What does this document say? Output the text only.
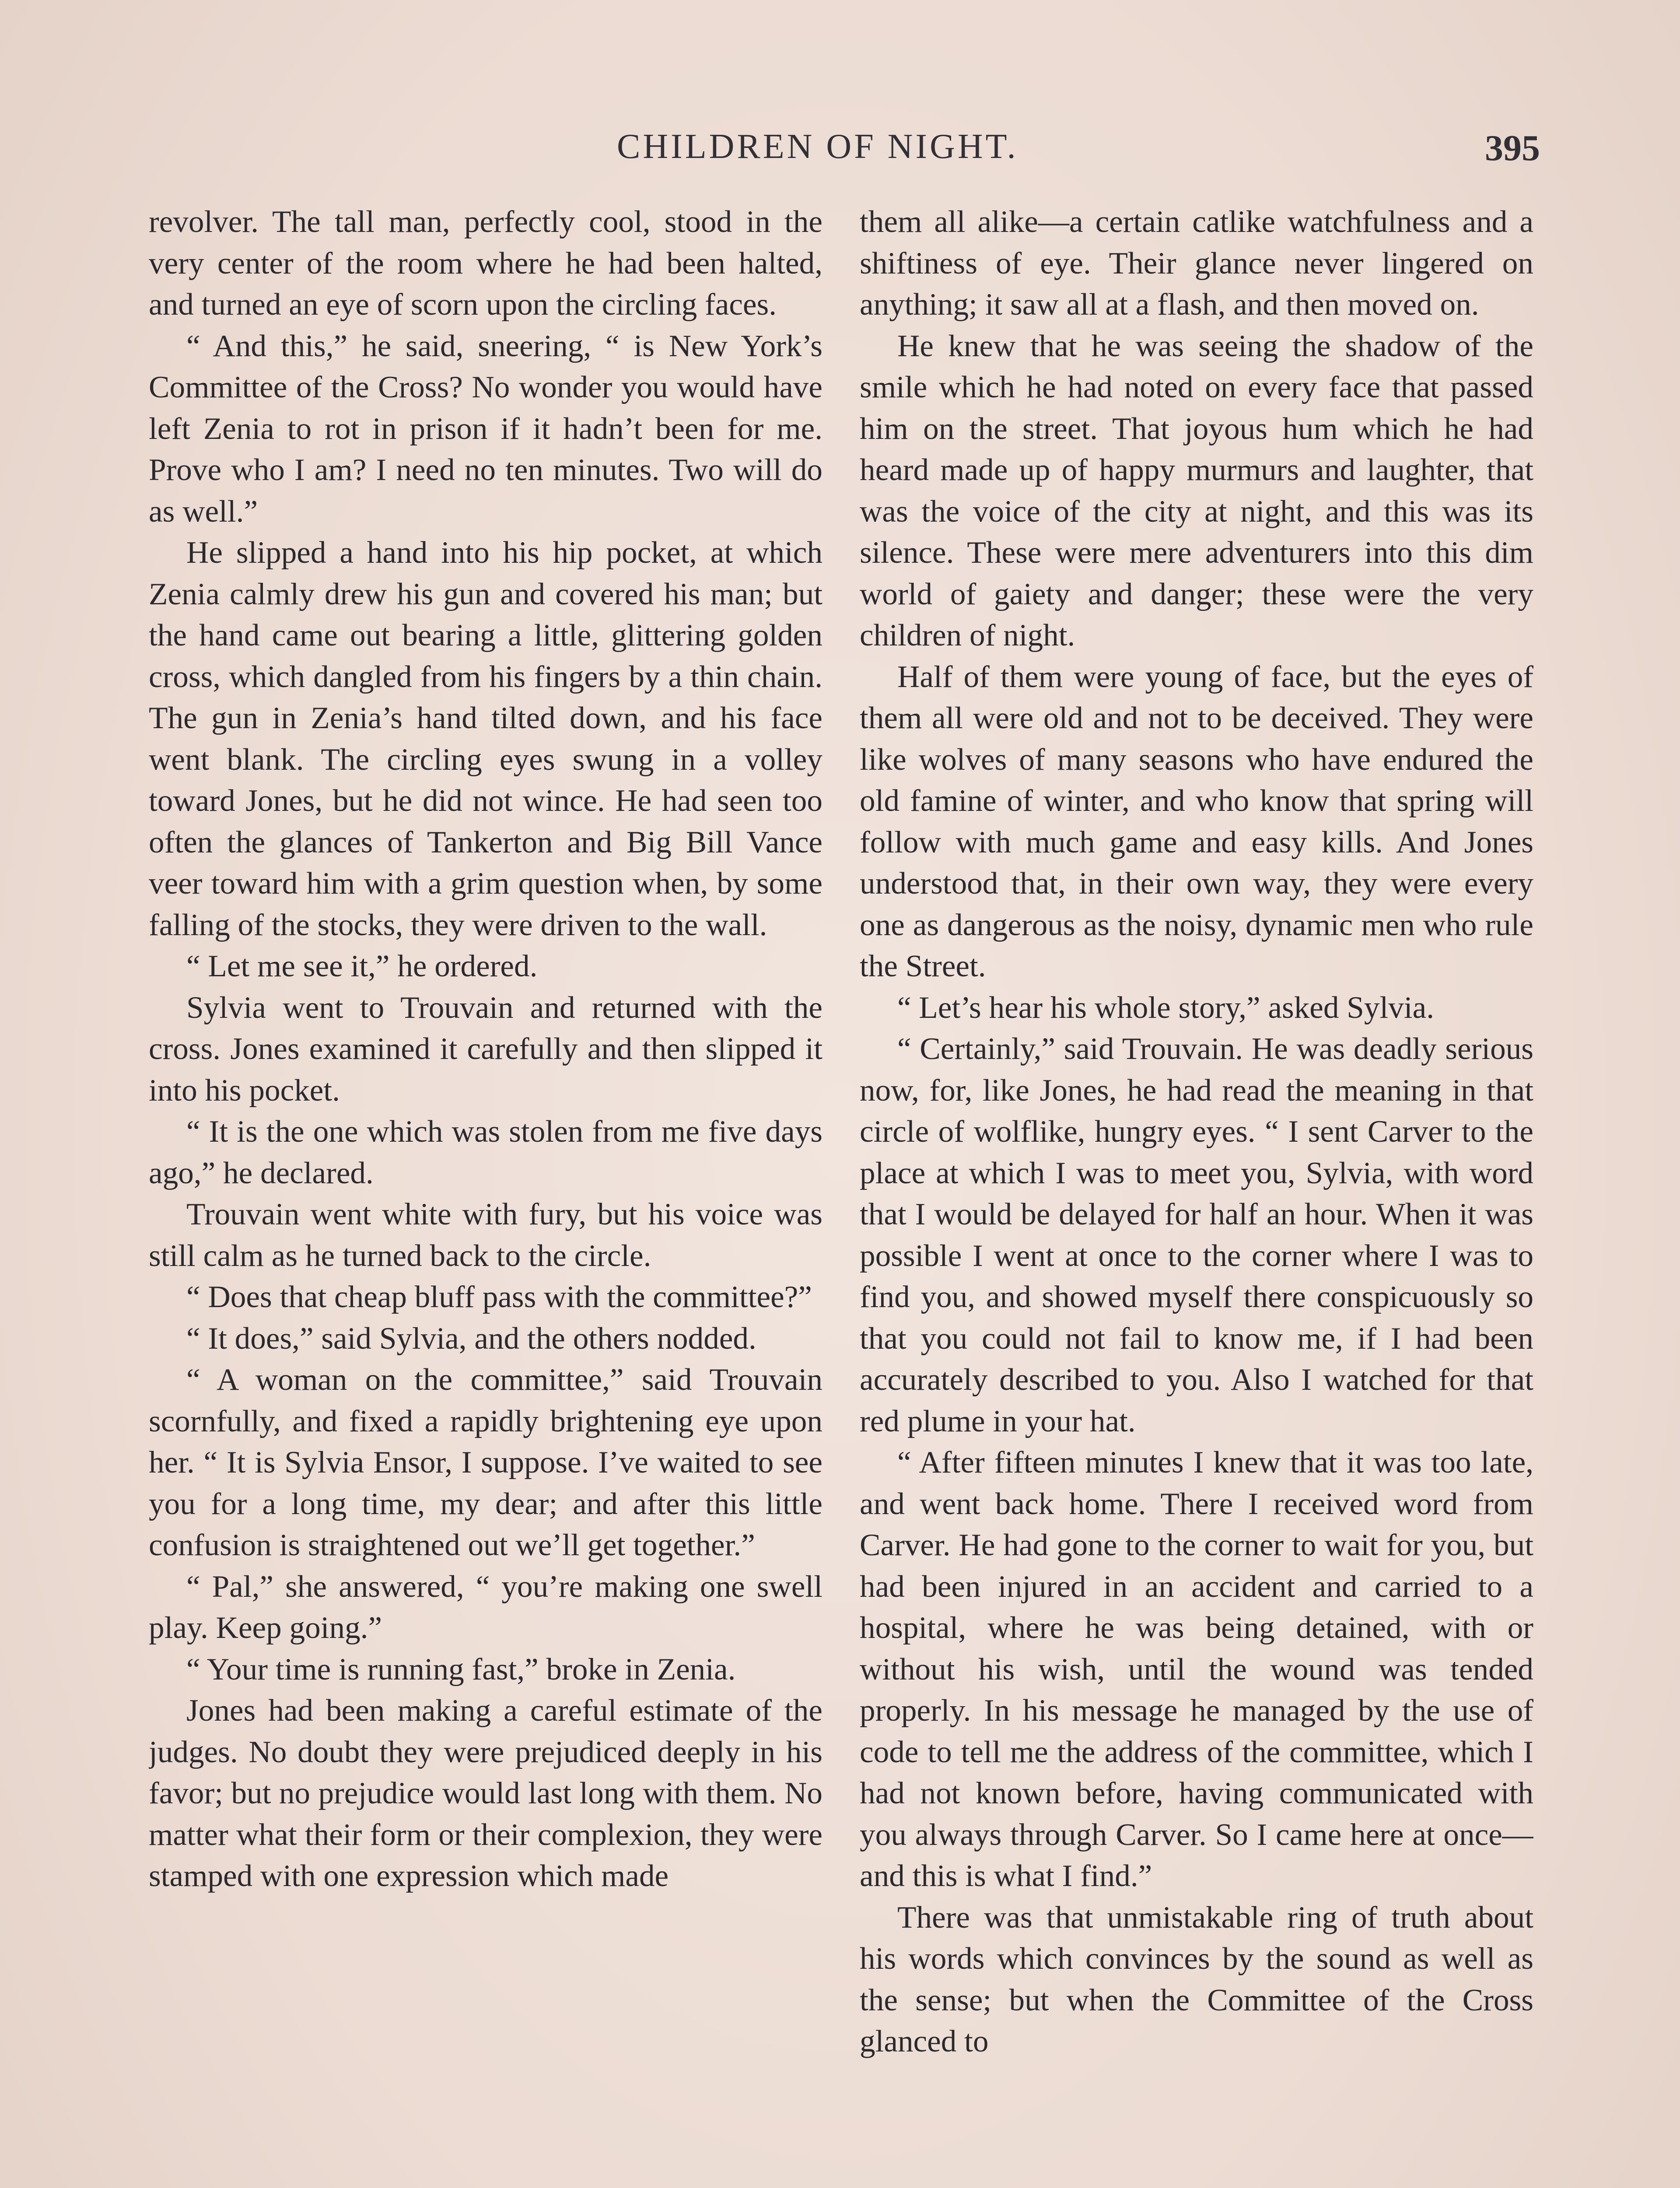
CHILDREN OF NIGHT.	395

revolver. The tall man, perfectly cool, stood in the very center of the room where he had been halted, and turned an eye of scorn upon the circling faces.

“ And this,” he said, sneering, “ is New York’s Committee of the Cross? No wonder you would have left Zenia to rot in prison if it hadn’t been for me. Prove who I am? I need no ten minutes. Two will do as well.”

He slipped a hand into his hip pocket, at which Zenia calmly drew his gun and covered his man; but the hand came out bearing a little, glittering golden cross, which dangled from his fingers by a thin chain. The gun in Zenia’s hand tilted down, and his face went blank. The circling eyes swung in a volley toward Jones, but he did not wince. He had seen too often the glances of Tankerton and Big Bill Vance veer toward him with a grim question when, by some falling of the stocks, they were driven to the wall.

“ Let me see it,” he ordered.

Sylvia went to Trouvain and returned with the cross. Jones examined it carefully and then slipped it into his pocket.

“ It is the one which was stolen from me five days ago,” he declared.

Trouvain went white with fury, but his voice was still calm as he turned back to the circle.

“ Does that cheap bluff pass with the committee?”

“ It does,” said Sylvia, and the others nodded.

“ A woman on the committee,” said Trouvain scornfully, and fixed a rapidly brightening eye upon her. “ It is Sylvia Ensor, I suppose. I’ve waited to see you for a long time, my dear; and after this little confusion is straightened out we’ll get together.”

“ Pal,” she answered, “ you’re making one swell play. Keep going.”

“ Your time is running fast,” broke in Zenia.

Jones had been making a careful estimate of the judges. No doubt they were prejudiced deeply in his favor; but no prejudice would last long with them. No matter what their form or their complexion, they were stamped with one expression which made

them all alike—a certain catlike watchfulness and a shiftiness of eye. Their glance never lingered on anything; it saw all at a flash, and then moved on.

He knew that he was seeing the shadow of the smile which he had noted on every face that passed him on the street. That joyous hum which he had heard made up of happy murmurs and laughter, that was the voice of the city at night, and this was its silence. These were mere adventurers into this dim world of gaiety and danger; these were the very children of night.

Half of them were young of face, but the eyes of them all were old and not to be deceived. They were like wolves of many seasons who have endured the old famine of winter, and who know that spring will follow with much game and easy kills. And Jones understood that, in their own way, they were every one as dangerous as the noisy, dynamic men who rule the Street.

“ Let’s hear his whole story,” asked Sylvia.

“ Certainly,” said Trouvain. He was deadly serious now, for, like Jones, he had read the meaning in that circle of wolflike, hungry eyes. “ I sent Carver to the place at which I was to meet you, Sylvia, with word that I would be delayed for half an hour. When it was possible I went at once to the corner where I was to find you, and showed myself there conspicuously so that you could not fail to know me, if I had been accurately described to you. Also I watched for that red plume in your hat.

“ After fifteen minutes I knew that it was too late, and went back home. There I received word from Carver. He had gone to the corner to wait for you, but had been injured in an accident and carried to a hospital, where he was being detained, with or without his wish, until the wound was tended properly. In his message he managed by the use of code to tell me the address of the committee, which I had not known before, having communicated with you always through Carver. So I came here at once—and this is what I find.”

There was that unmistakable ring of truth about his words which convinces by the sound as well as the sense; but when the Committee of the Cross glanced to
